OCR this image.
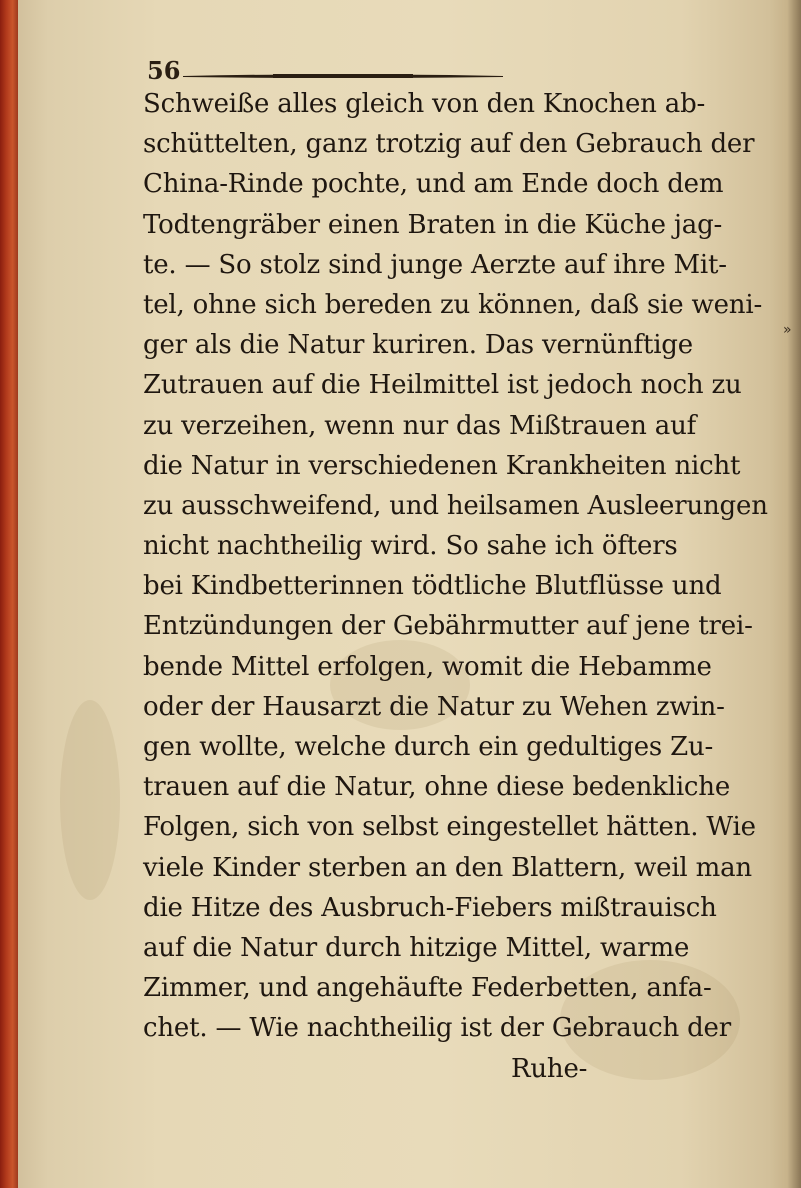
56
Schweiße alles gleich von den Knochen ab-
schüttelten, ganz trotzig auf den Gebrauch der
China-Rinde pochte, und am Ende doch dem
Todtengräber einen Braten in die Küche jag-
te. — So stolz sind junge Aerzte auf ihre Mit-
tel, ohne sich bereden zu können, daß sie weni-
ger als die Natur kuriren. Das vernünftige
Zutrauen auf die Heilmittel ist jedoch noch zu
zu verzeihen, wenn nur das Mißtrauen auf
die Natur in verschiedenen Krankheiten nicht
zu ausschweifend, und heilsamen Ausleerungen
nicht nachtheilig wird. So sahe ich öfters
bei Kindbetterinnen tödtliche Blutflüsse und
Entzündungen der Gebährmutter auf jene trei-
bende Mittel erfolgen, womit die Hebamme
oder der Hausarzt die Natur zu Wehen zwin-
gen wollte, welche durch ein gedultiges Zu-
trauen auf die Natur, ohne diese bedenkliche
Folgen, sich von selbst eingestellet hätten. Wie
viele Kinder sterben an den Blattern, weil man
die Hitze des Ausbruch-Fiebers mißtrauisch
auf die Natur durch hitzige Mittel, warme
Zimmer, und angehäufte Federbetten, anfa-
chet. — Wie nachtheilig ist der Gebrauch der
Ruhe-
»
